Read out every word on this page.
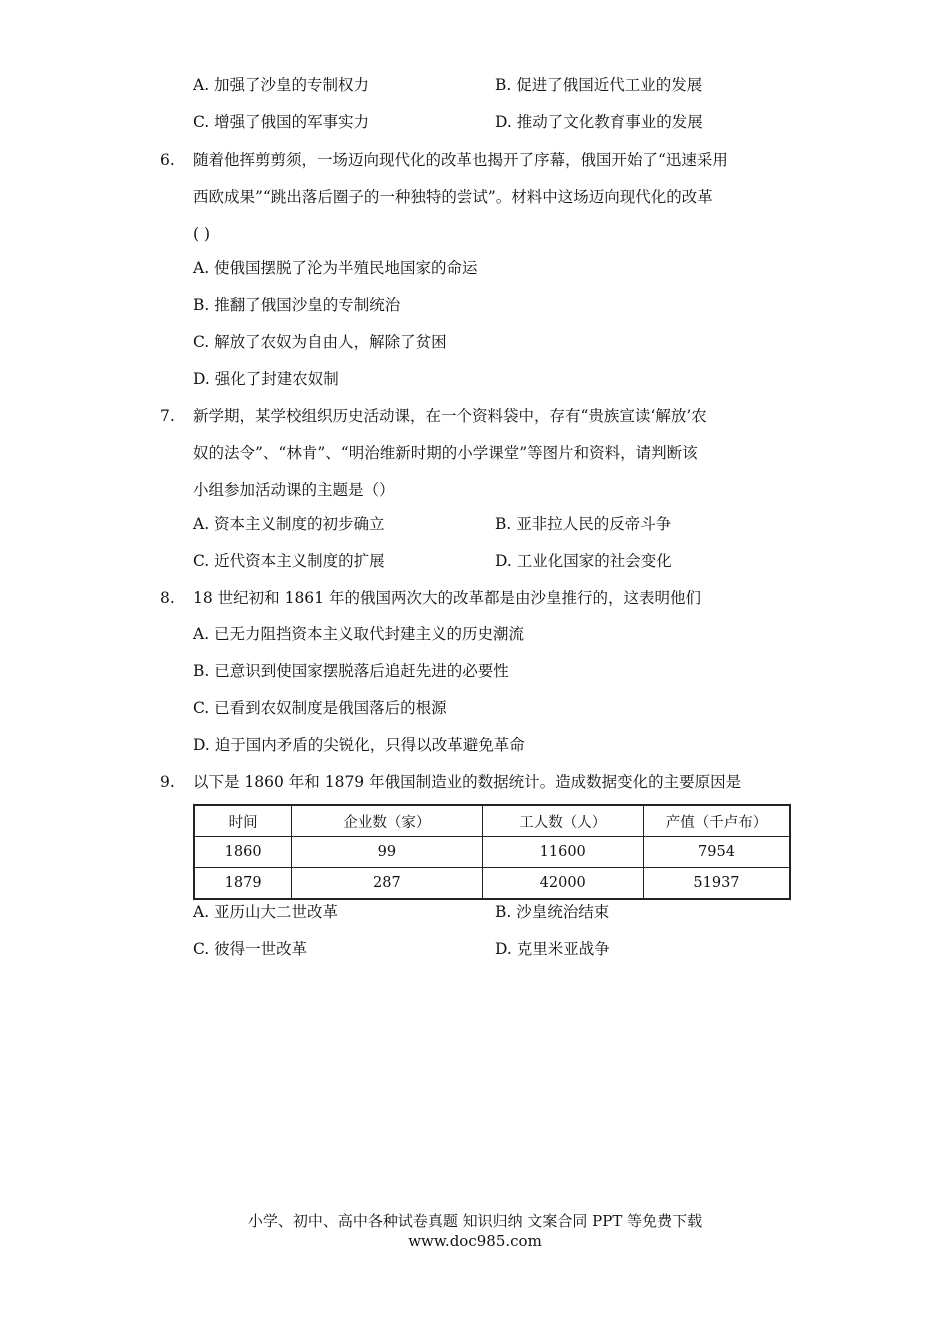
A. 加强了沙皇的专制权力	B. 促进了俄国近代工业的发展
C. 增强了俄国的军事实力	D. 推动了文化教育事业的发展
6. 随着他挥剪剪须，一场迈向现代化的改革也揭开了序幕，俄国开始了“迅速采用
西欧成果”“跳出落后圈子的一种独特的尝试”。材料中这场迈向现代化的改革
( )
A. 使俄国摆脱了沦为半殖民地国家的命运
B. 推翻了俄国沙皇的专制统治
C. 解放了农奴为自由人，解除了贫困
D. 强化了封建农奴制
7. 新学期，某学校组织历史活动课，在一个资料袋中，存有“贵族宣读‘解放’农
奴的法令”、“林肯”、“明治维新时期的小学课堂”等图片和资料，请判断该
小组参加活动课的主题是（）
A. 资本主义制度的初步确立	B. 亚非拉人民的反帝斗争
C. 近代资本主义制度的扩展	D. 工业化国家的社会变化
8. 18 世纪初和 1861 年的俄国两次大的改革都是由沙皇推行的，这表明他们
A. 已无力阻挡资本主义取代封建主义的历史潮流
B. 已意识到使国家摆脱落后追赶先进的必要性
C. 已看到农奴制度是俄国落后的根源
D. 迫于国内矛盾的尖锐化，只得以改革避免革命
9. 以下是 1860 年和 1879 年俄国制造业的数据统计。造成数据变化的主要原因是
时间	企业数（家）	工人数（人）	产值（千卢布）
1860	99	11600	7954
1879	287	42000	51937
A. 亚历山大二世改革	B. 沙皇统治结束
C. 彼得一世改革	D. 克里米亚战争
小学、初中、高中各种试卷真题 知识归纳 文案合同 PPT 等免费下载
www.doc985.com
